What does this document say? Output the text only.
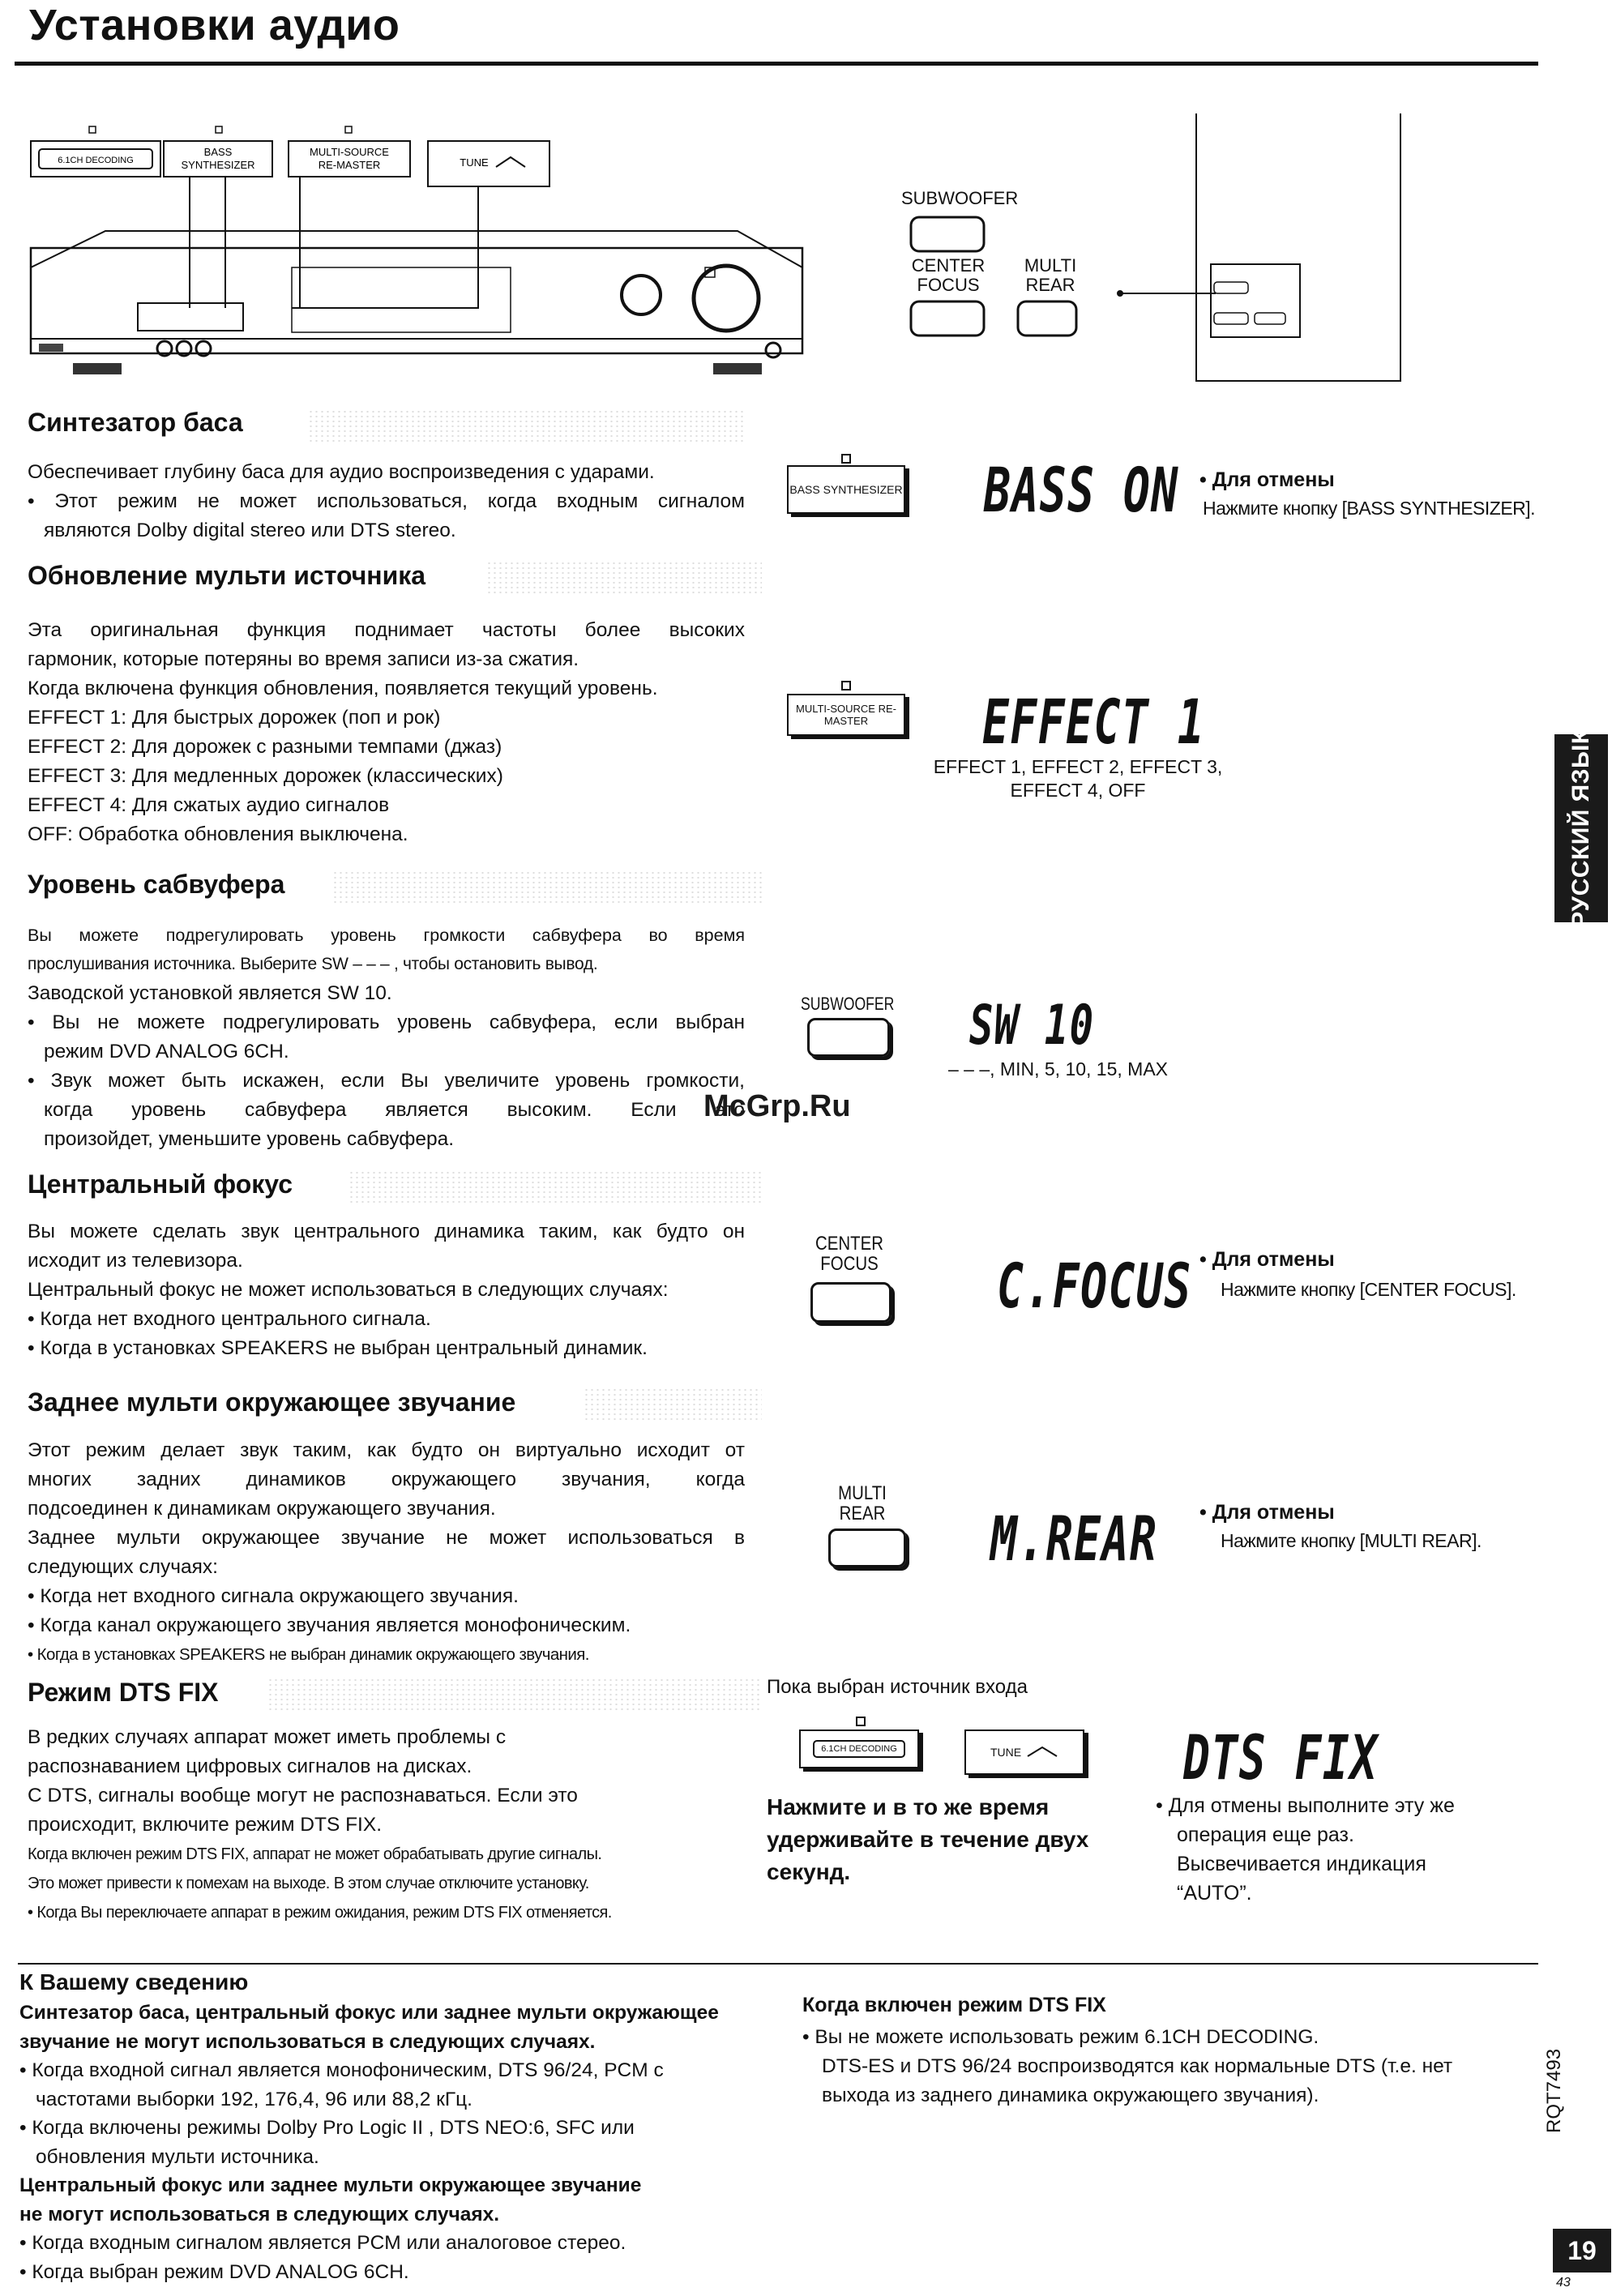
Установки аудио
6.1CH DECODING
BASS
SYNTHESIZER
MULTI-SOURCE
RE-MASTER	TUNE
SUBWOOFER
CENTER FOCUS
MULTI REAR
Синтезатор баса
Обеспечивает глубину баса для аудио воспроизведения с ударами.
• Этот режим не может использоваться, когда входным сигналом
являются Dolby digital stereo или DTS stereo.
BASS SYNTHESIZER BASS ON • Для отмены
Нажмите кнопку [BASS SYNTHESIZER].
Обновление мульти источника
Эта оригинальная функция поднимает частоты более высоких
гармоник, которые потеряны во время записи из-за сжатия.
Когда включена функция обновления, появляется текущий уровень.
EFFECT 1: Для быстрых дорожек (поп и рок)
EFFECT 2: Для дорожек с разными темпами (джаз)
EFFECT 3: Для медленных дорожек (классических)
EFFECT 4: Для сжатых аудио сигналов
OFF: Обработка обновления выключена.
MULTI-SOURCE RE-MASTER	EFFECT 1
EFFECT 1, EFFECT 2, EFFECT 3,
EFFECT 4, OFF
Уровень сабвуфера
Вы можете подрегулировать уровень громкости сабвуфера во время
прослушивания источника. Выберите SW – – – , чтобы остановить вывод.
Заводской установкой является SW 10.
• Вы не можете подрегулировать уровень сабвуфера, если выбран
режим DVD ANALOG 6CH.
• Звук может быть искажен, если Вы увеличите уровень громкости,
когда уровень сабвуфера является высоким. Если это
произойдет, уменьшите уровень сабвуфера.
SUBWOOFER SW 10
– – –, MIN, 5, 10, 15, MAX
McGrp.Ru
Центральный фокус
Вы можете сделать звук центрального динамика таким, как будто он
исходит из телевизора.
Центральный фокус не может использоваться в следующих случаях:
• Когда нет входного центрального сигнала.
• Когда в установках SPEAKERS не выбран центральный динамик.
CENTER FOCUS C.FOCUS • Для отмены
Нажмите кнопку [CENTER FOCUS].
Заднее мульти окружающее звучание
Этот режим делает звук таким, как будто он виртуально исходит от
многих задних динамиков окружающего звучания, когда
подсоединен к динамикам окружающего звучания.
Заднее мульти окружающее звучание не может использоваться в
следующих случаях:
• Когда нет входного сигнала окружающего звучания.
• Когда канал окружающего звучания является монофоническим.
• Когда в установках SPEAKERS не выбран динамик окружающего звучания.
MULTI REAR M.REAR • Для отмены
Нажмите кнопку [MULTI REAR].
Режим DTS FIX
В редких случаях аппарат может иметь проблемы с
распознаванием цифровых сигналов на дисках.
С DTS, сигналы вообще могут не распознаваться. Если это
происходит, включите режим DTS FIX.
Когда включен режим DTS FIX, аппарат не может обрабатывать другие сигналы.
Это может привести к помехам на выходе. В этом случае отключите установку.
• Когда Вы переключаете аппарат в режим ожидания, режим DTS FIX отменяется.
Пока выбран источник входа
6.1CH DECODING	TUNE	DTS FIX
Нажмите и в то же время
удерживайте в течение двух
секунд.
• Для отмены выполните эту же
операция еще раз.
Высвечивается индикация
“AUTO”.
РУССКИЙ ЯЗЫК
К Вашему сведению
Синтезатор баса, центральный фокус или заднее мульти окружающее
звучание не могут использоваться в следующих случаях.
• Когда входной сигнал является монофоническим, DTS 96/24, PCM с
частотами выборки 192, 176,4, 96 или 88,2 кГц.
• Когда включены режимы Dolby Pro Logic II , DTS NEO:6, SFC или
обновления мульти источника.
Центральный фокус или заднее мульти окружающее звучание
не могут использоваться в следующих случаях.
• Когда входным сигналом является PCM или аналоговое стерео.
• Когда выбран режим DVD ANALOG 6CH.
Когда включен режим DTS FIX
• Вы не можете использовать режим 6.1CH DECODING.
DTS-ES и DTS 96/24 воспроизводятся как нормальные DTS (т.е. нет
выхода из заднего динамика окружающего звучания).	RQT7493
19
43
